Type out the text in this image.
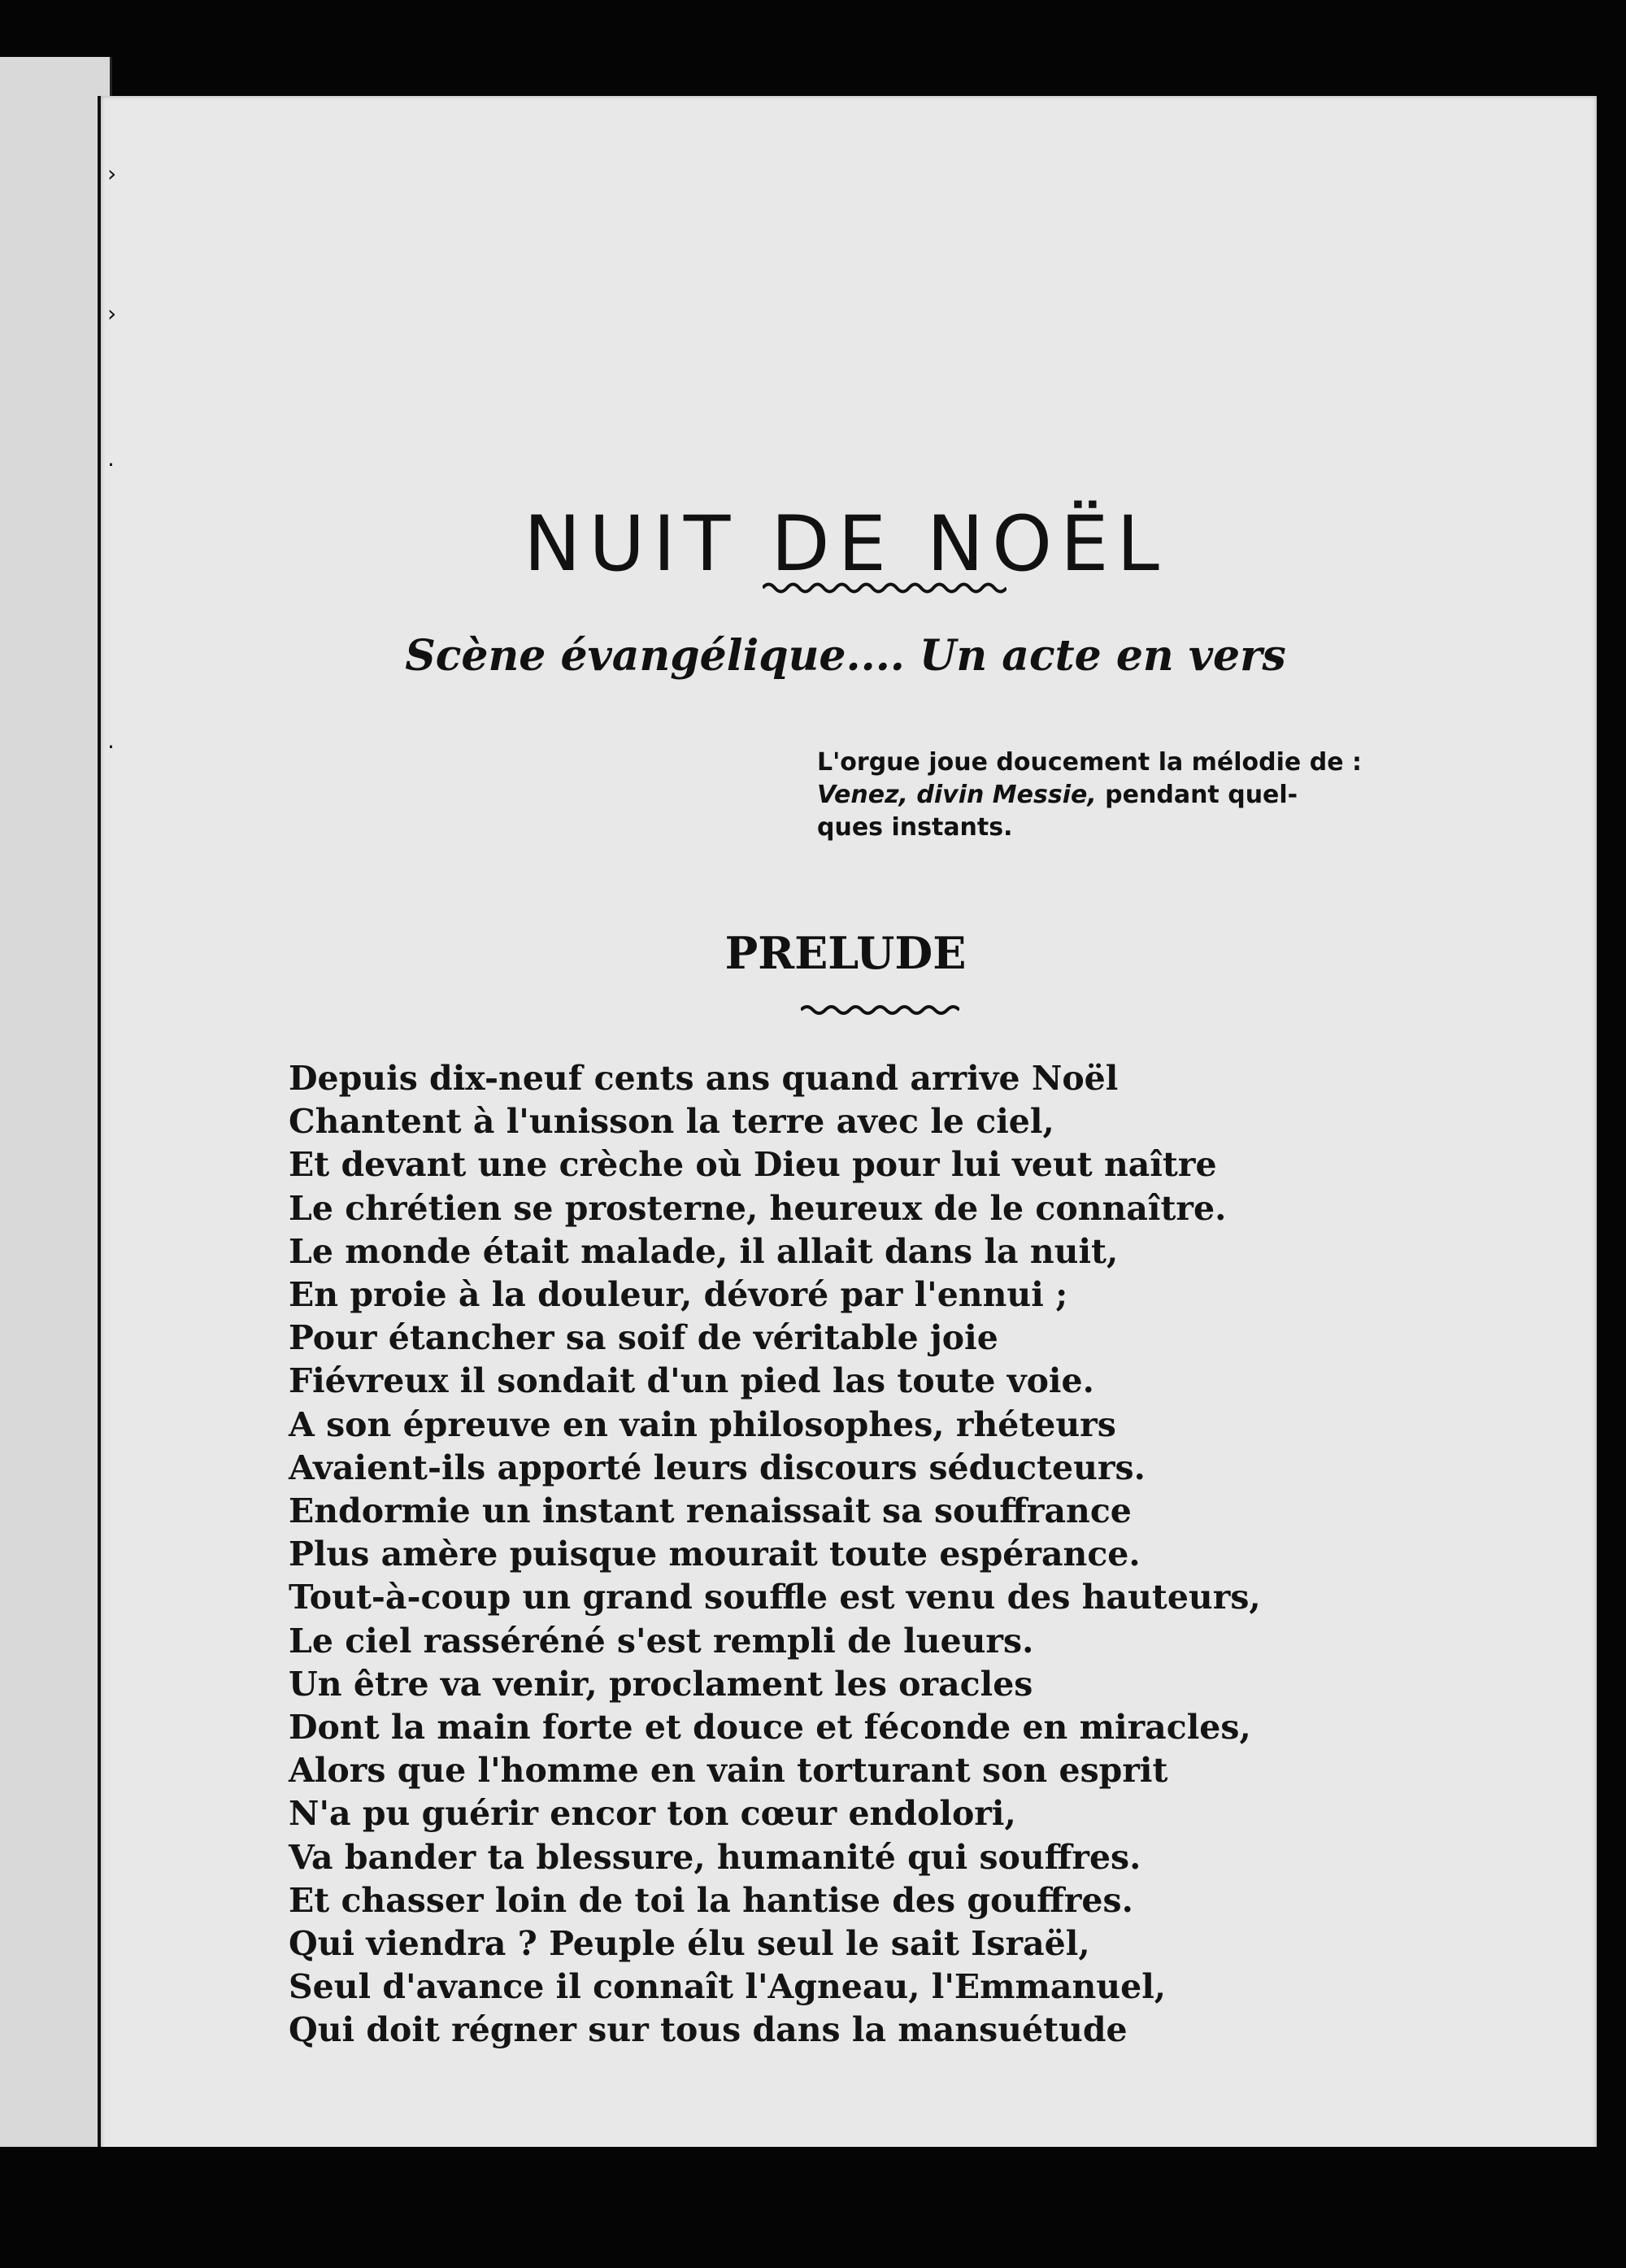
›
›
·
·
NUIT DE NOËL
Scène évangélique.... Un acte en vers
L'orgue joue doucement la mélodie de :
Venez, divin Messie, pendant quel-
ques instants.
PRELUDE
Depuis dix-neuf cents ans quand arrive Noël
Chantent à l'unisson la terre avec le ciel,
Et devant une crèche où Dieu pour lui veut naître
Le chrétien se prosterne, heureux de le connaître.
Le monde était malade, il allait dans la nuit,
En proie à la douleur, dévoré par l'ennui ;
Pour étancher sa soif de véritable joie
Fiévreux il sondait d'un pied las toute voie.
A son épreuve en vain philosophes, rhéteurs
Avaient-ils apporté leurs discours séducteurs.
Endormie un instant renaissait sa souffrance
Plus amère puisque mourait toute espérance.
Tout-à-coup un grand souffle est venu des hauteurs,
Le ciel rasséréné s'est rempli de lueurs.
Un être va venir, proclament les oracles
Dont la main forte et douce et féconde en miracles,
Alors que l'homme en vain torturant son esprit
N'a pu guérir encor ton cœur endolori,
Va bander ta blessure, humanité qui souffres.
Et chasser loin de toi la hantise des gouffres.
Qui viendra ? Peuple élu seul le sait Israël,
Seul d'avance il connaît l'Agneau, l'Emmanuel,
Qui doit régner sur tous dans la mansuétude
